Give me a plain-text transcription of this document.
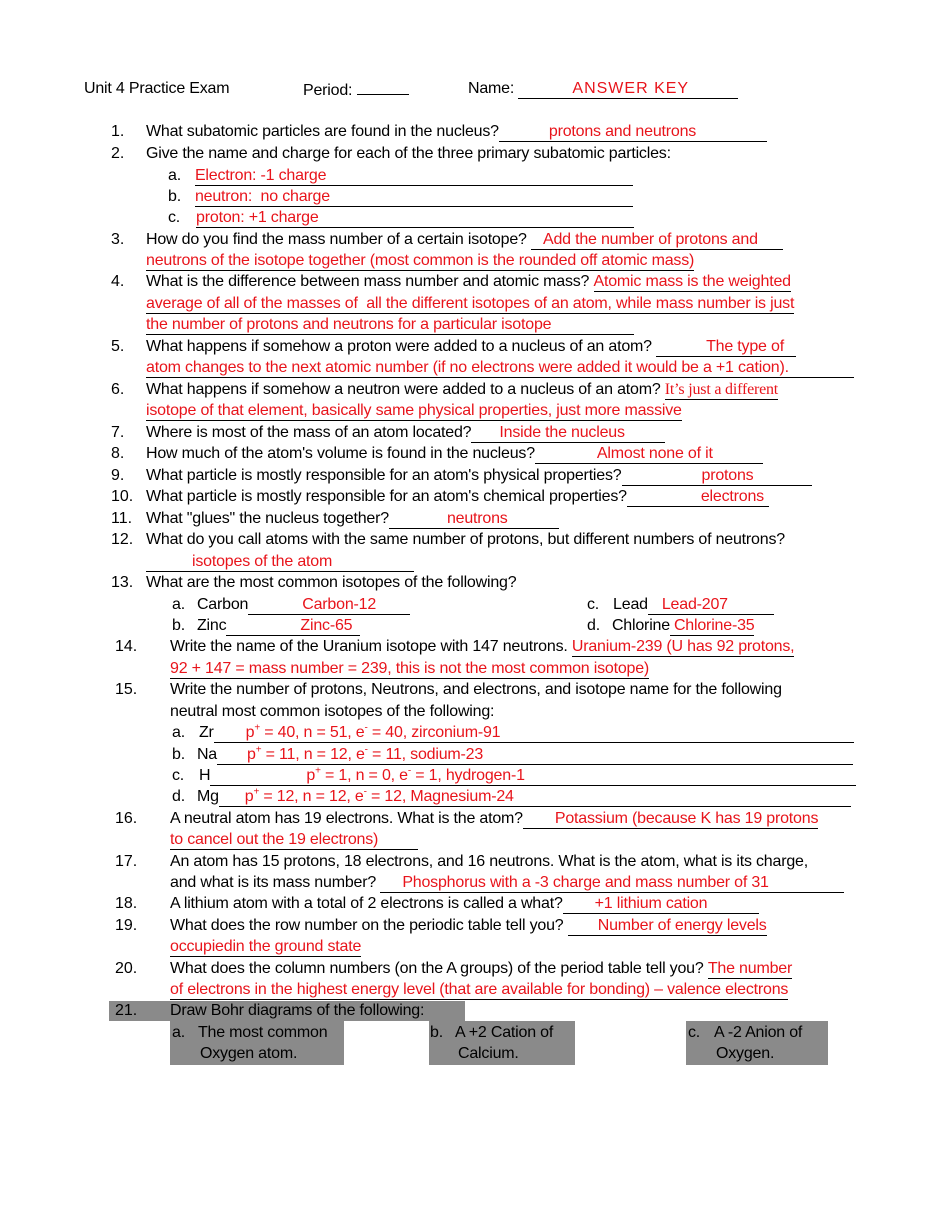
Unit 4 Practice Exam	Period:	Name:	ANSWER KEY
1. What subatomic particles are found in the nucleus?	protons and neutrons
2. Give the name and charge for each of the three primary subatomic particles:
a. Electron: -1 charge
b. neutron:  no charge
c. proton: +1 charge
3. How do you find the mass number of a certain isotope? Add the number of protons and
neutrons of the isotope together (most common is the rounded off atomic mass)
4. What is the difference between mass number and atomic mass? Atomic mass is the weighted
average of all of the masses of  all the different isotopes of an atom, while mass number is just
the number of protons and neutrons for a particular isotope
5. What happens if somehow a proton were added to a nucleus of an atom?	The type of
atom changes to the next atomic number (if no electrons were added it would be a +1 cation).
6. What happens if somehow a neutron were added to a nucleus of an atom? It’s just a different
isotope of that element, basically same physical properties, just more massive
7. Where is most of the mass of an atom located? Inside the nucleus
8. How much of the atom's volume is found in the nucleus?	Almost none of it
9. What particle is mostly responsible for an atom's physical properties?	protons
10. What particle is mostly responsible for an atom's chemical properties?	electrons
11. What "glues" the nucleus together?	neutrons
12. What do you call atoms with the same number of protons, but different numbers of neutrons?
isotopes of the atom
13. What are the most common isotopes of the following?
a. Carbon	Carbon-12
b. Zinc	Zinc-65
c. Lead Lead-207
d. Chlorine Chlorine-35
14. Write the name of the Uranium isotope with 147 neutrons. Uranium-239 (U has 92 protons,
92 + 147 = mass number = 239, this is not the most common isotope)
15. Write the number of protons, Neutrons, and electrons, and isotope name for the following
neutral most common isotopes of the following:
a. Zr p+ = 40, n = 51, e- = 40, zirconium-91
b. Na p+ = 11, n = 12, e- = 11, sodium-23
c. H	p+ = 1, n = 0, e- = 1, hydrogen-1
d. Mg p+ = 12, n = 12, e- = 12, Magnesium-24
16. A neutral atom has 19 electrons. What is the atom? Potassium (because K has 19 protons
to cancel out the 19 electrons)
17. An atom has 15 protons, 18 electrons, and 16 neutrons. What is the atom, what is its charge,
and what is its mass number? Phosphorus with a -3 charge and mass number of 31
18. A lithium atom with a total of 2 electrons is called a what? +1 lithium cation
19. What does the row number on the periodic table tell you? Number of energy levels
occupiedin the ground state
20. What does the column numbers (on the A groups) of the period table tell you? The number
of electrons in the highest energy level (that are available for bonding) – valence electrons
21. Draw Bohr diagrams of the following:
a. The most common
Oxygen atom.
b. A +2 Cation of
Calcium.
c. A -2 Anion of
Oxygen.
